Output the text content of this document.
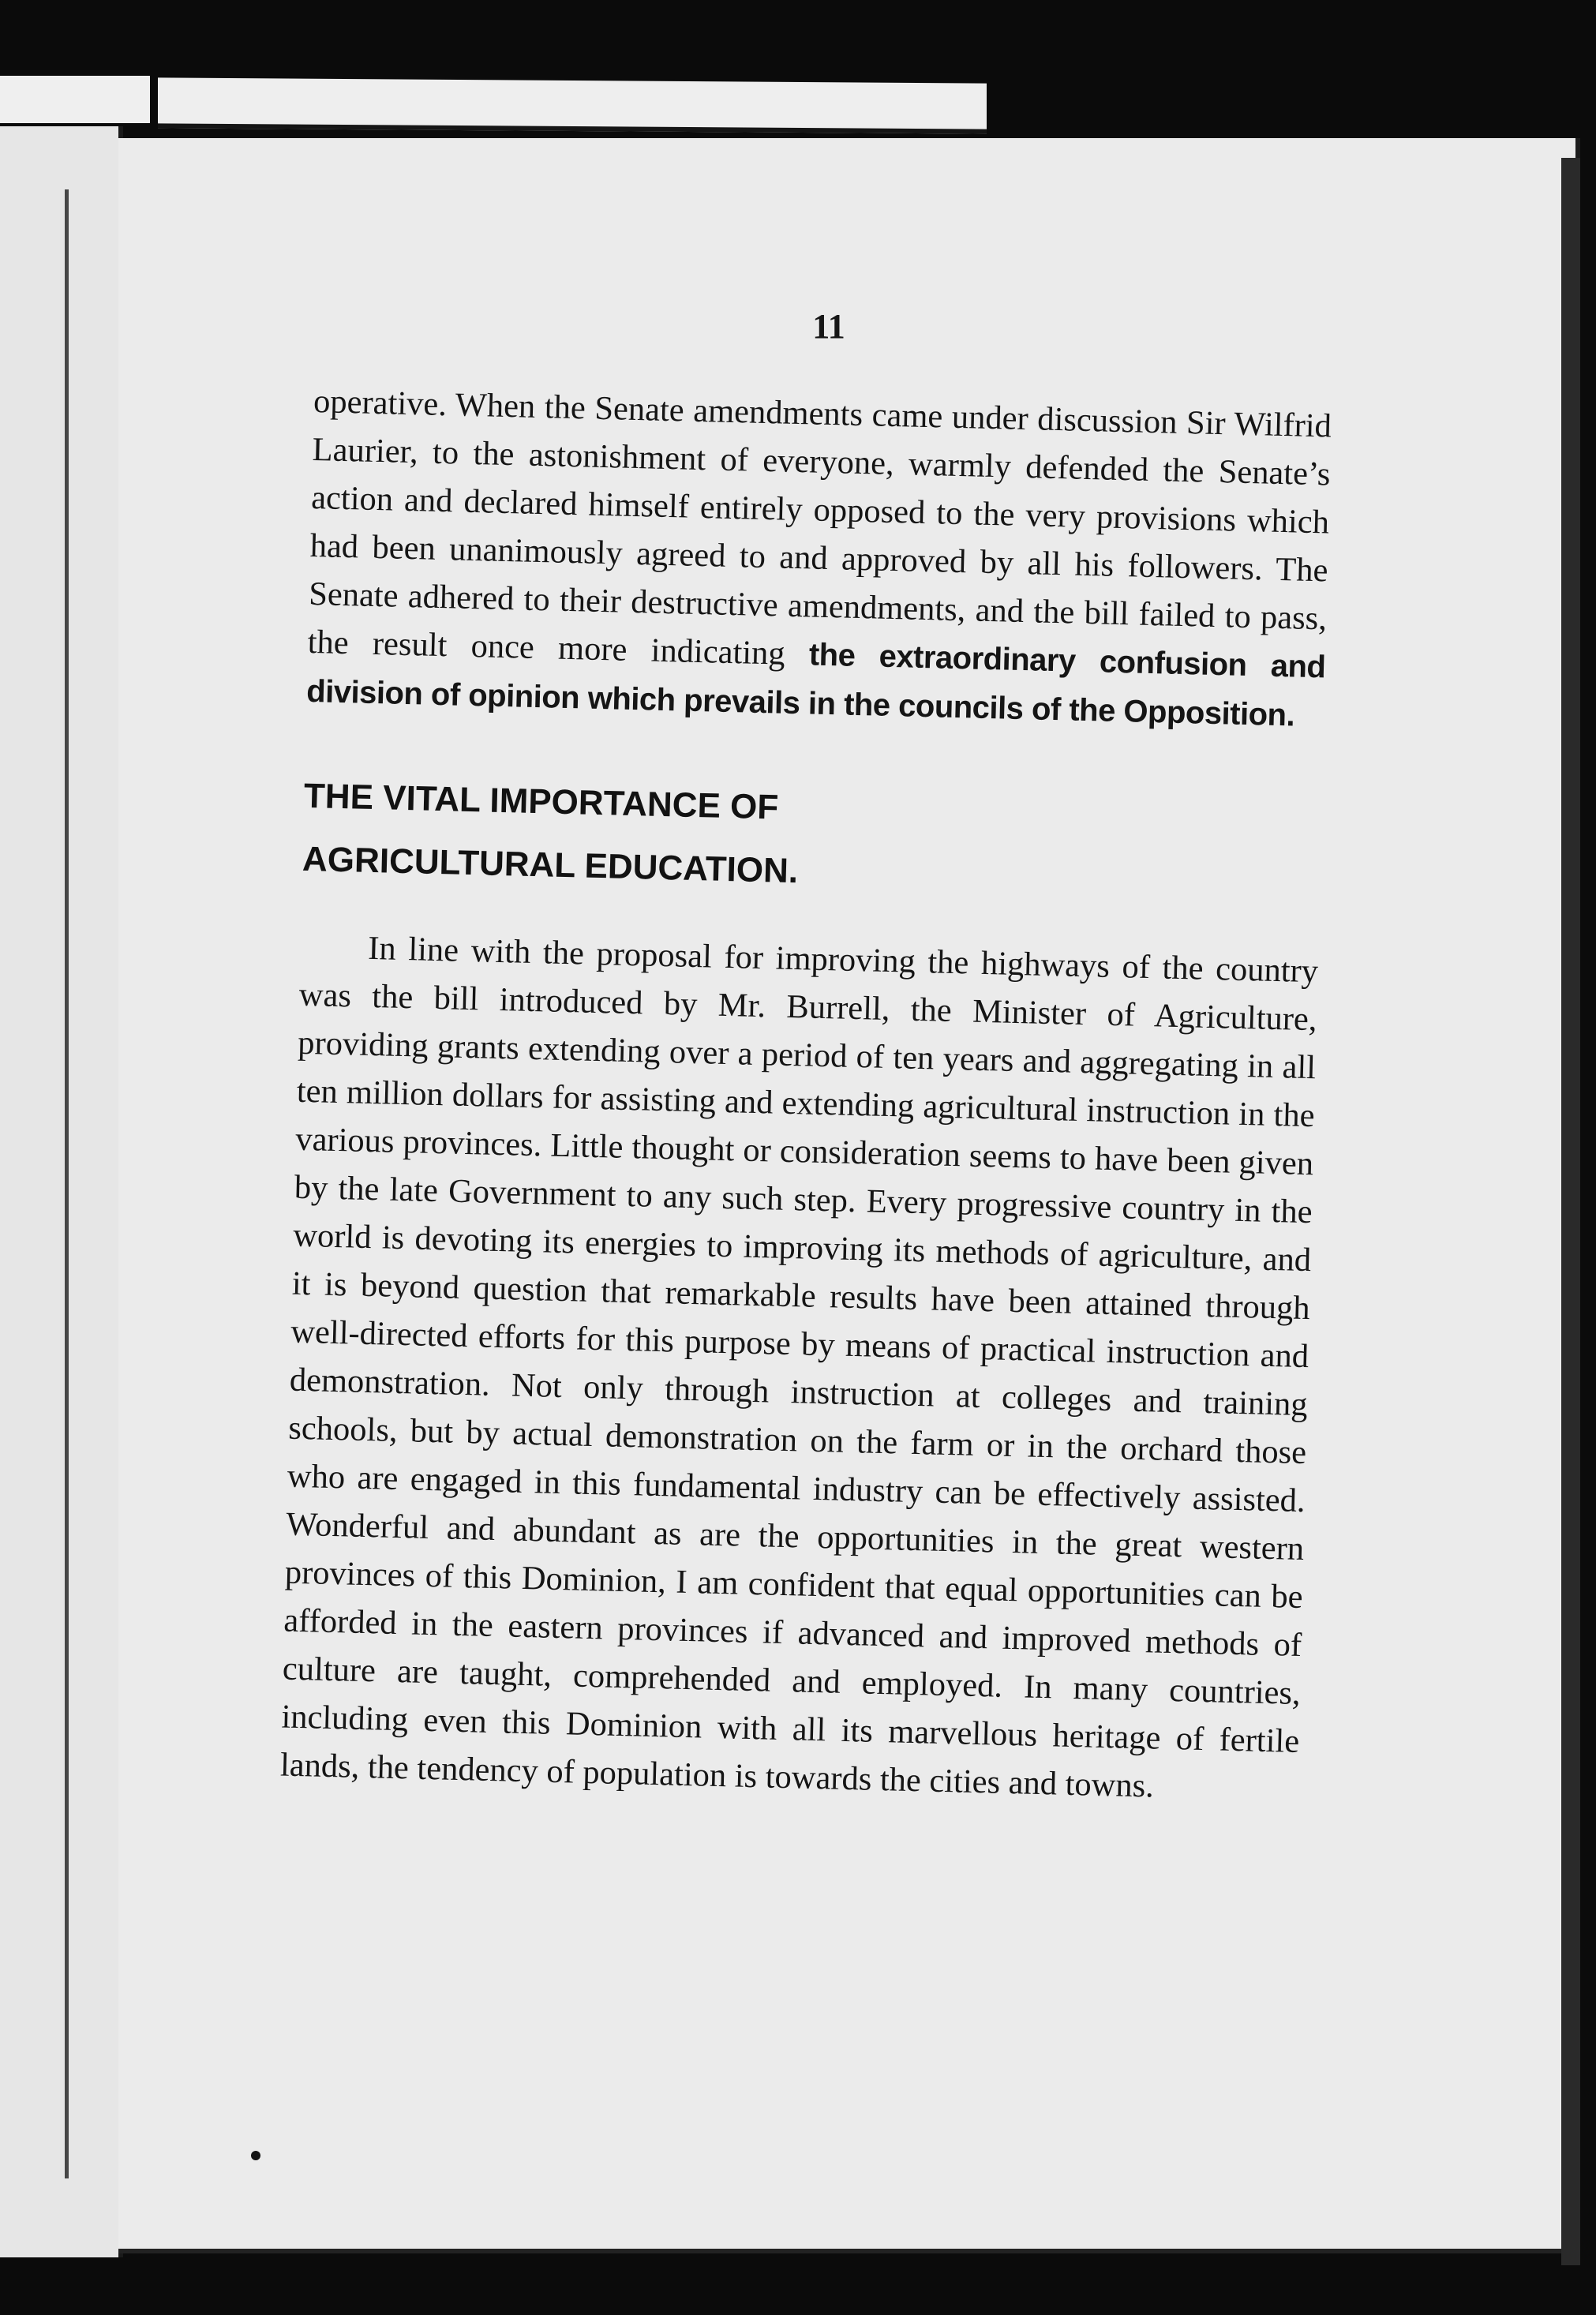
11

operative. When the Senate amendments came under discussion Sir Wilfrid Laurier, to the astonishment of everyone, warmly defended the Senate’s action and declared himself entirely opposed to the very provisions which had been unanimously agreed to and approved by all his followers. The Senate adhered to their destructive amendments, and the bill failed to pass, the result once more indicating the extraordinary confusion and division of opinion which prevails in the councils of the Opposition.

THE VITAL IMPORTANCE OF
AGRICULTURAL EDUCATION.

In line with the proposal for improving the highways of the country was the bill introduced by Mr. Burrell, the Minister of Agriculture, providing grants extending over a period of ten years and aggregating in all ten million dollars for assisting and extending agricultural instruction in the various provinces. Little thought or consideration seems to have been given by the late Government to any such step. Every progressive country in the world is devoting its energies to improving its methods of agriculture, and it is beyond question that remarkable results have been attained through well-directed efforts for this purpose by means of practical instruction and demonstration. Not only through instruction at colleges and training schools, but by actual demonstration on the farm or in the orchard those who are engaged in this fundamental industry can be effectively assisted. Wonderful and abundant as are the opportunities in the great western provinces of this Dominion, I am confident that equal opportunities can be afforded in the eastern provinces if advanced and improved methods of culture are taught, comprehended and employed. In many countries, including even this Dominion with all its marvellous heritage of fertile lands, the tendency of population is towards the cities and towns.
